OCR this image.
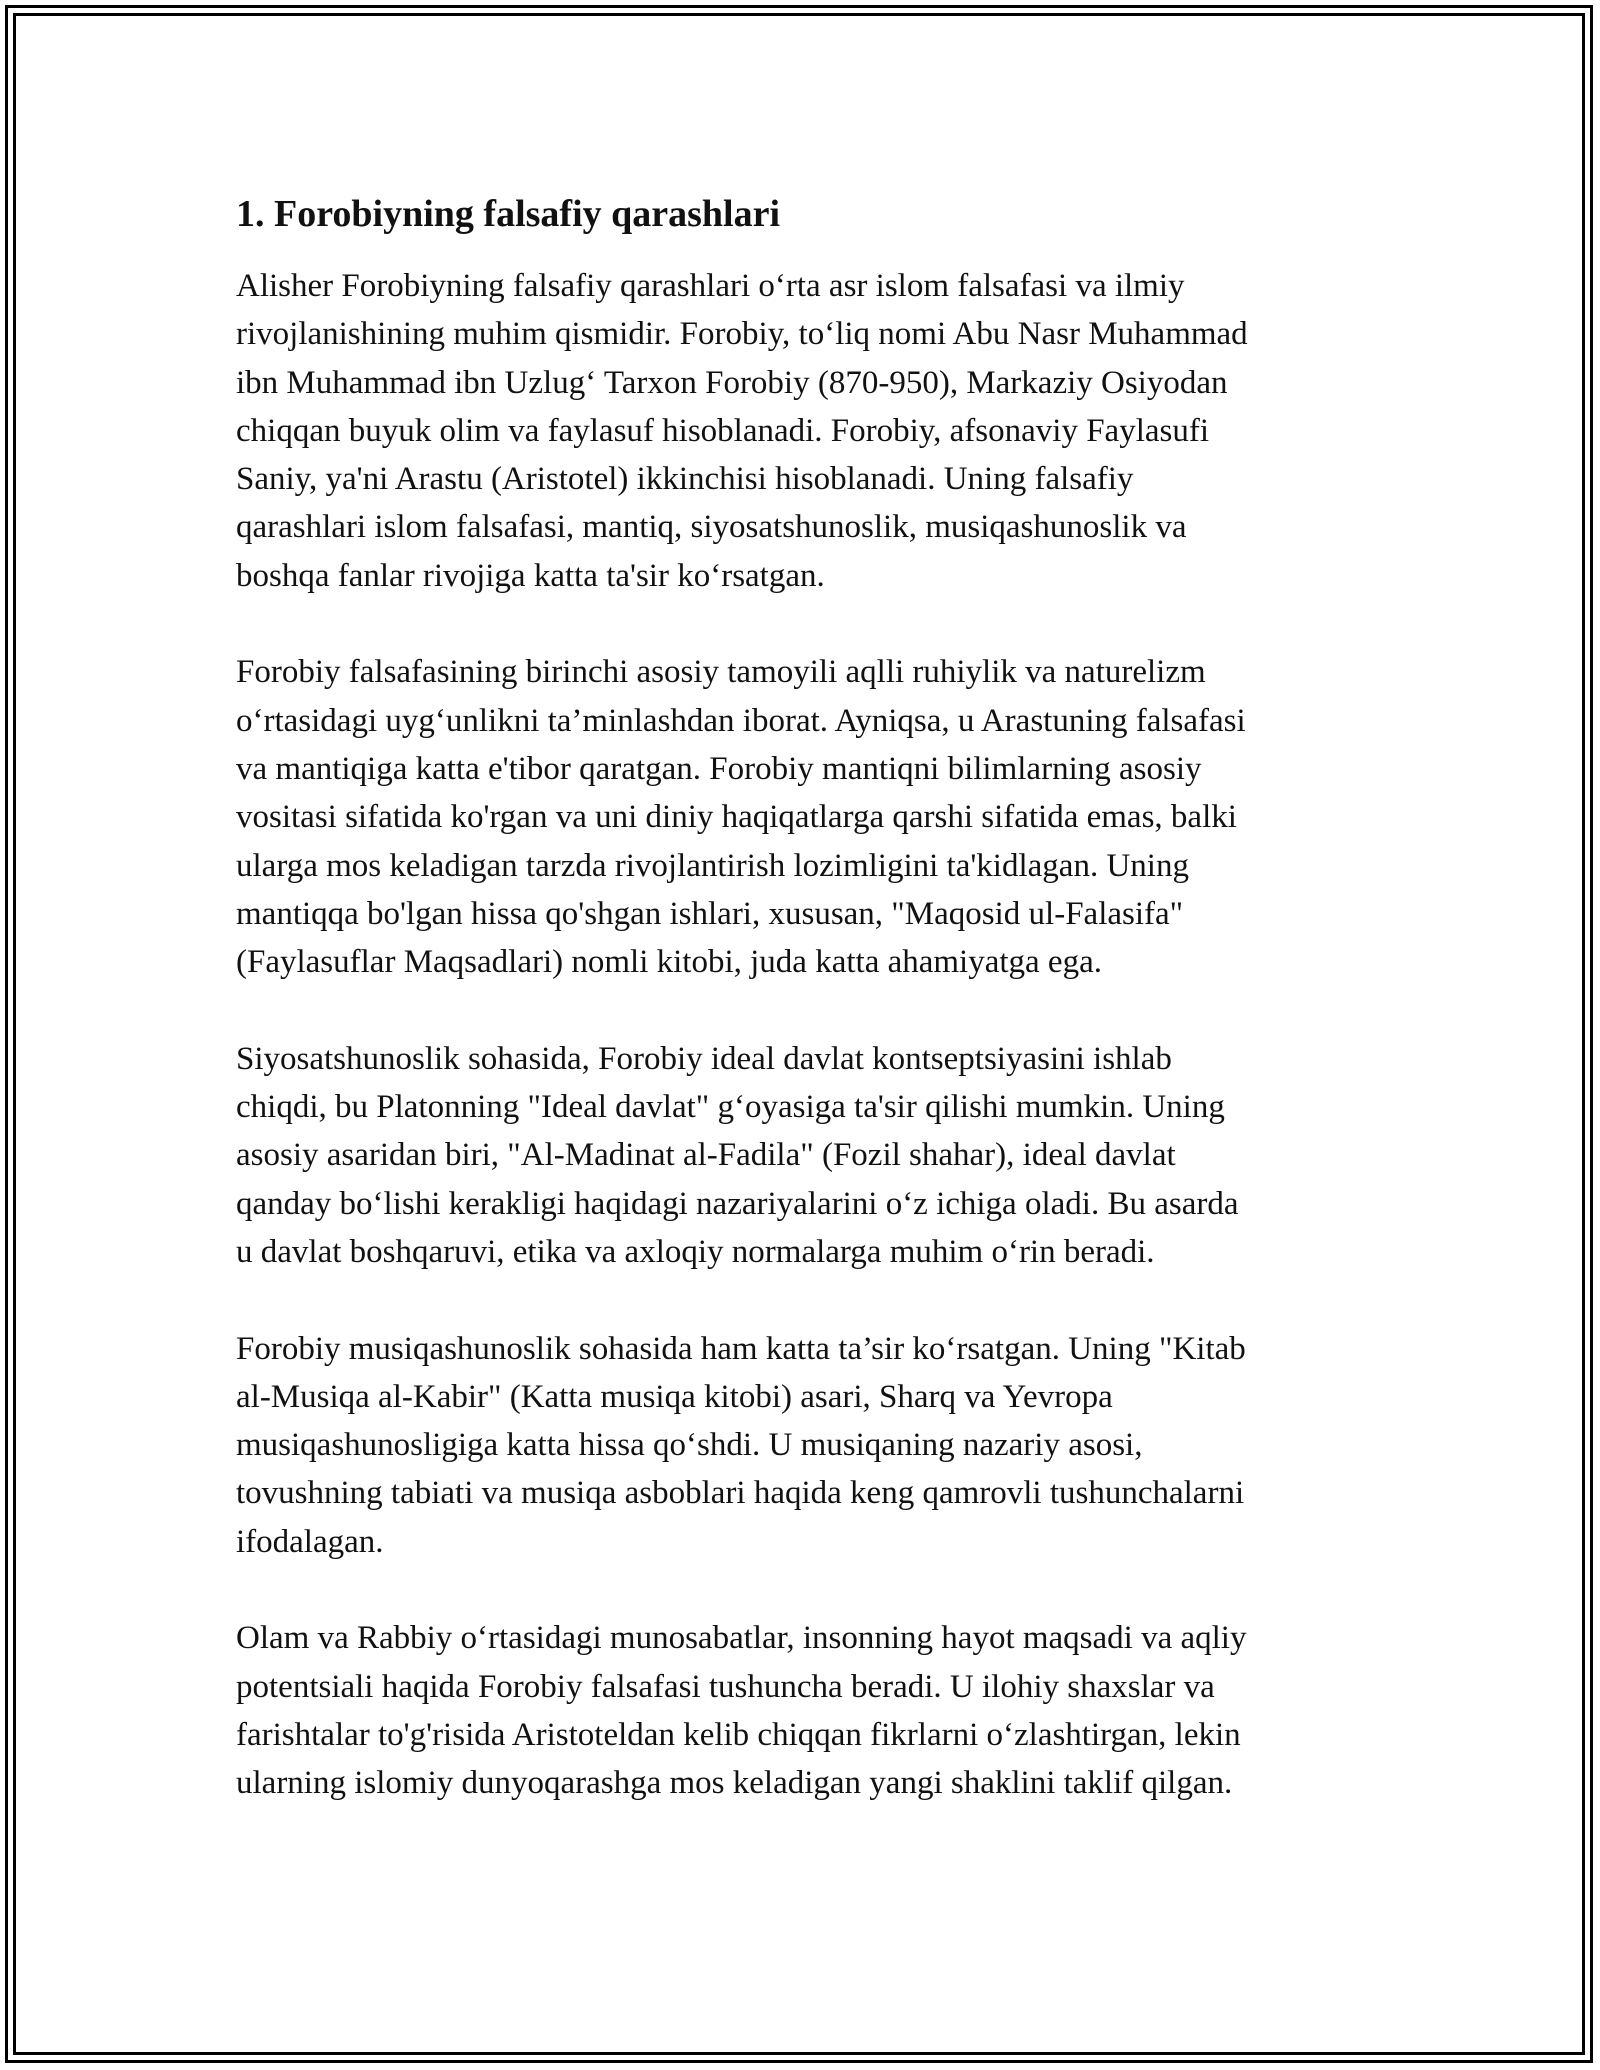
1. Forobiyning falsafiy qarashlari
Alisher Forobiyning falsafiy qarashlari o‘rta asr islom falsafasi va ilmiy
rivojlanishining muhim qismidir. Forobiy, to‘liq nomi Abu Nasr Muhammad
ibn Muhammad ibn Uzlug‘ Tarxon Forobiy (870-950), Markaziy Osiyodan
chiqqan buyuk olim va faylasuf hisoblanadi. Forobiy, afsonaviy Faylasufi
Saniy, ya'ni Arastu (Aristotel) ikkinchisi hisoblanadi. Uning falsafiy
qarashlari islom falsafasi, mantiq, siyosatshunoslik, musiqashunoslik va
boshqa fanlar rivojiga katta ta'sir ko‘rsatgan.
Forobiy falsafasining birinchi asosiy tamoyili aqlli ruhiylik va naturelizm
o‘rtasidagi uyg‘unlikni ta’minlashdan iborat. Ayniqsa, u Arastuning falsafasi
va mantiqiga katta e'tibor qaratgan. Forobiy mantiqni bilimlarning asosiy
vositasi sifatida ko'rgan va uni diniy haqiqatlarga qarshi sifatida emas, balki
ularga mos keladigan tarzda rivojlantirish lozimligini ta'kidlagan. Uning
mantiqqa bo'lgan hissa qo'shgan ishlari, xususan, "Maqosid ul-Falasifa"
(Faylasuflar Maqsadlari) nomli kitobi, juda katta ahamiyatga ega.
Siyosatshunoslik sohasida, Forobiy ideal davlat kontseptsiyasini ishlab
chiqdi, bu Platonning "Ideal davlat" g‘oyasiga ta'sir qilishi mumkin. Uning
asosiy asaridan biri, "Al-Madinat al-Fadila" (Fozil shahar), ideal davlat
qanday bo‘lishi kerakligi haqidagi nazariyalarini o‘z ichiga oladi. Bu asarda
u davlat boshqaruvi, etika va axloqiy normalarga muhim o‘rin beradi.
Forobiy musiqashunoslik sohasida ham katta ta’sir ko‘rsatgan. Uning "Kitab
al-Musiqa al-Kabir" (Katta musiqa kitobi) asari, Sharq va Yevropa
musiqashunosligiga katta hissa qo‘shdi. U musiqaning nazariy asosi,
tovushning tabiati va musiqa asboblari haqida keng qamrovli tushunchalarni
ifodalagan.
Olam va Rabbiy o‘rtasidagi munosabatlar, insonning hayot maqsadi va aqliy
potentsiali haqida Forobiy falsafasi tushuncha beradi. U ilohiy shaxslar va
farishtalar to'g'risida Aristoteldan kelib chiqqan fikrlarni o‘zlashtirgan, lekin
ularning islomiy dunyoqarashga mos keladigan yangi shaklini taklif qilgan.
